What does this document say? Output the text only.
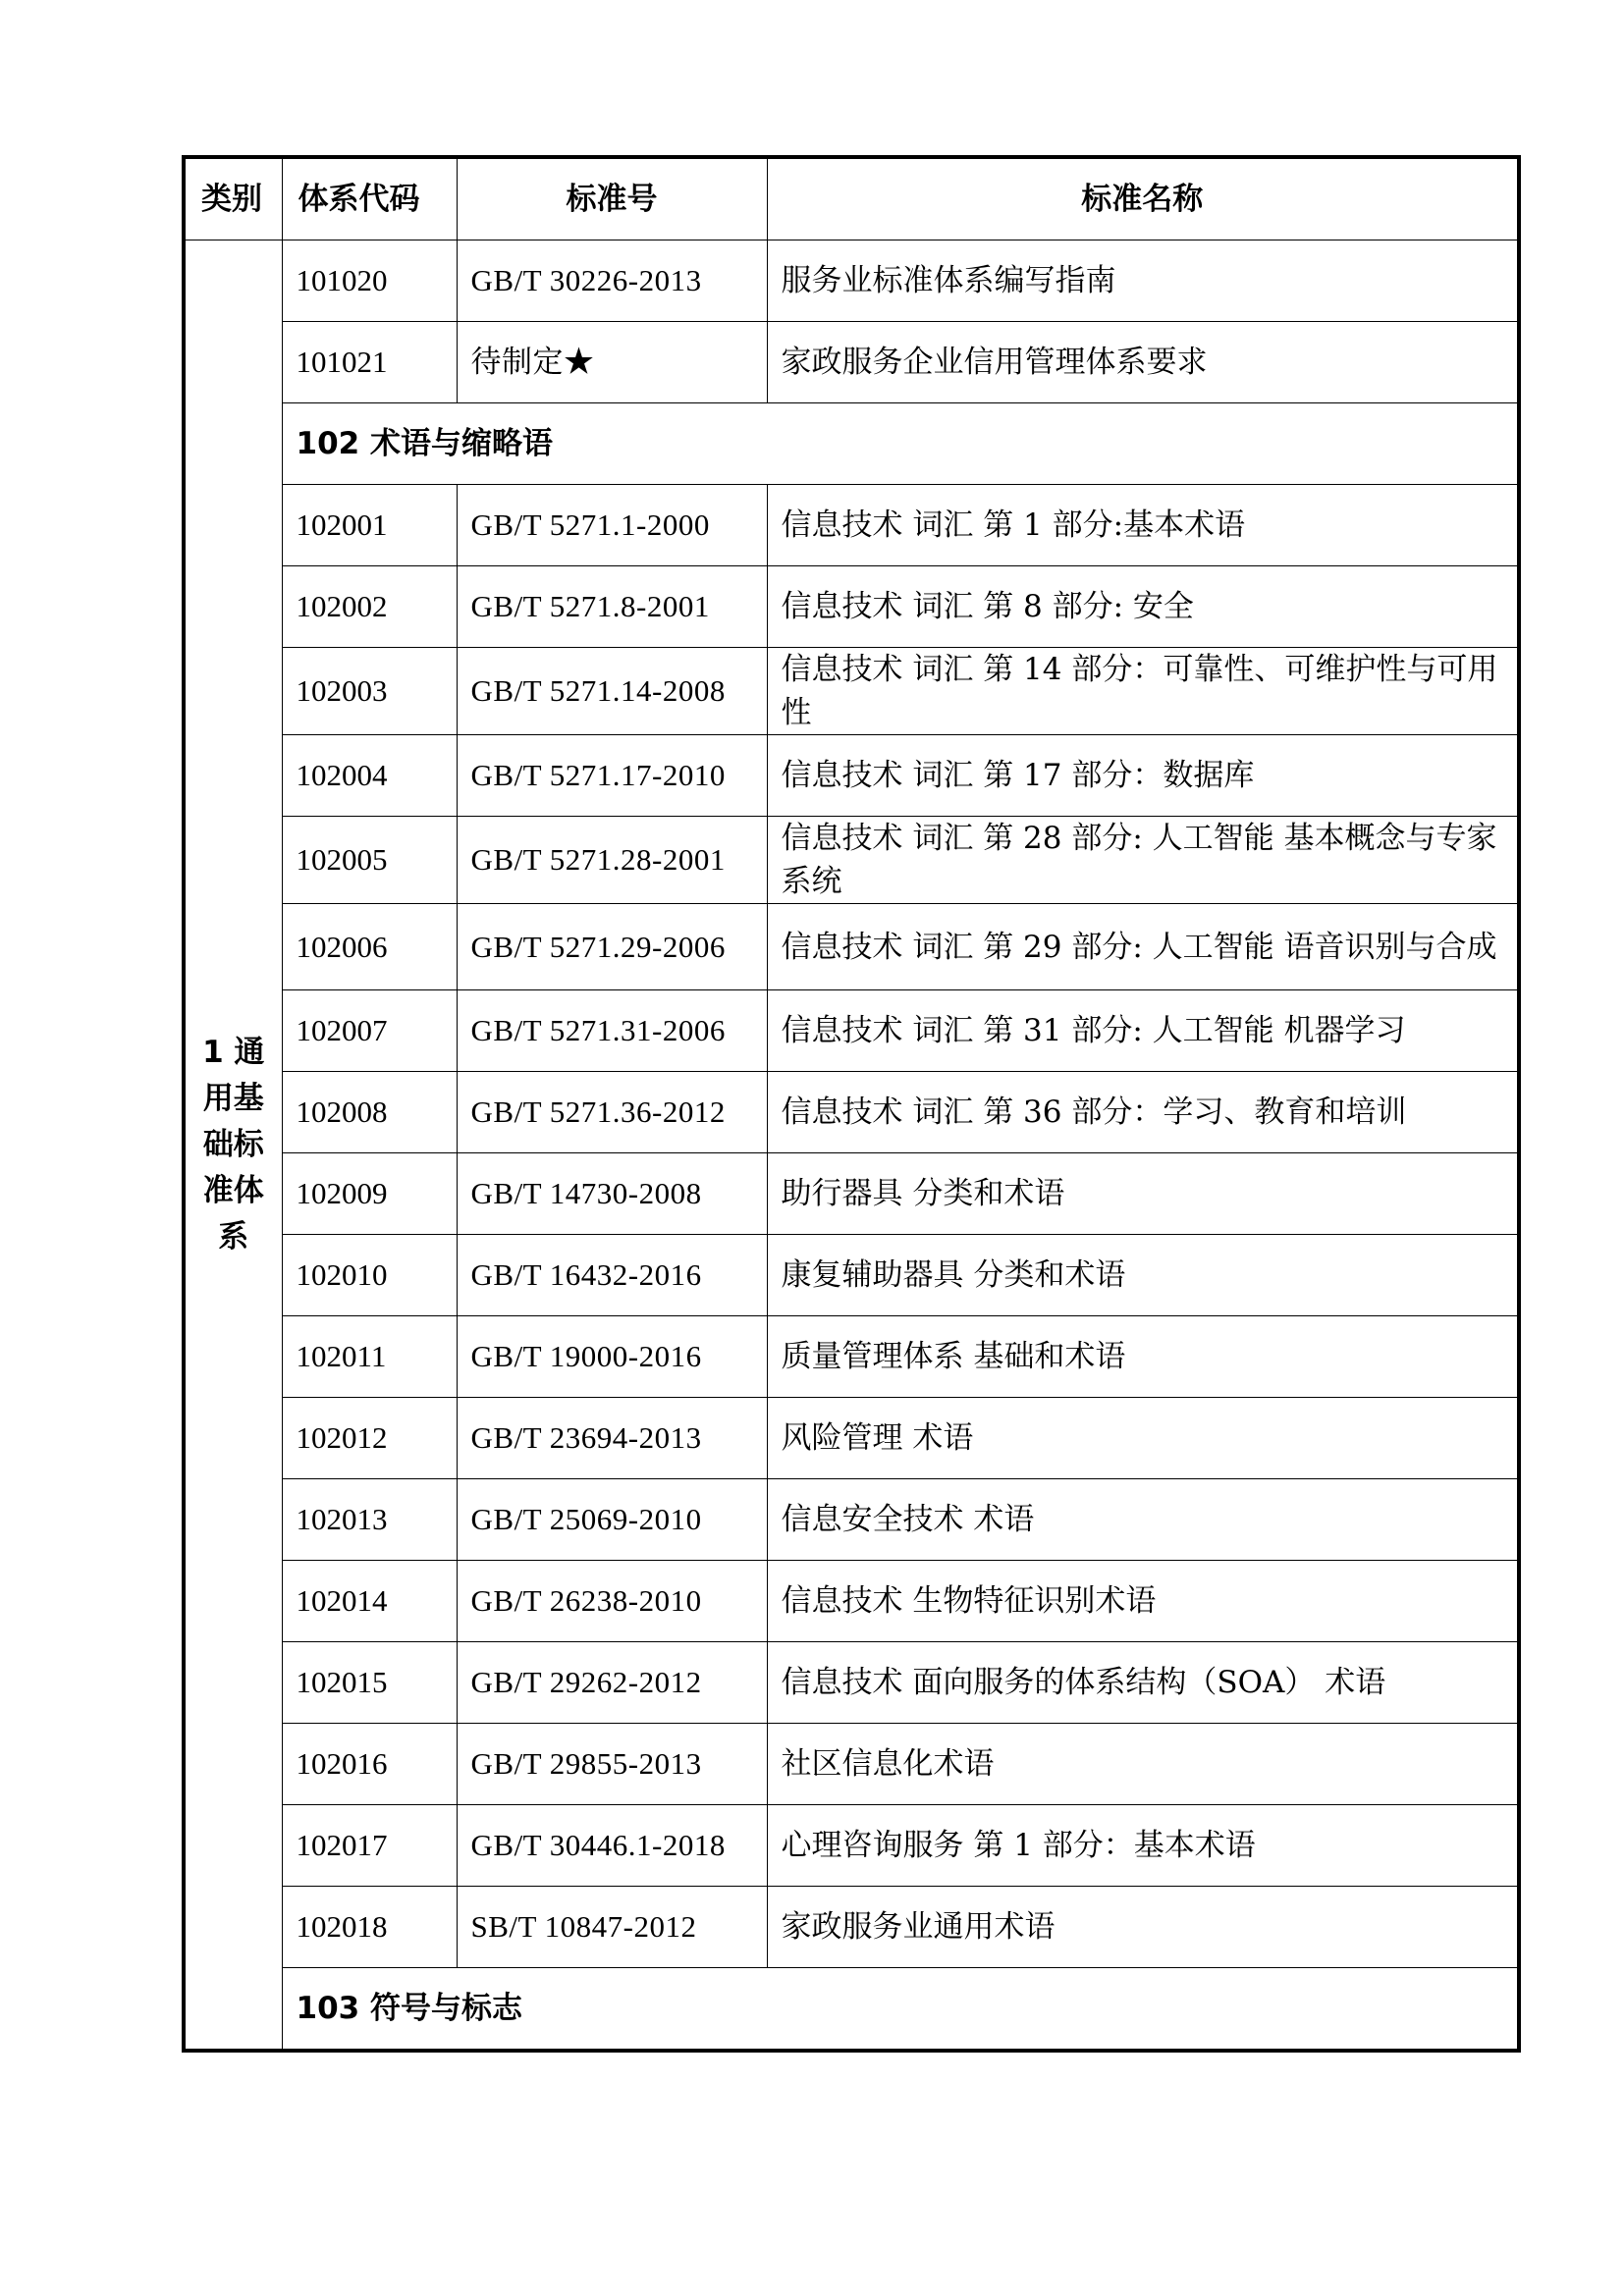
类别	体系代码	标准号	标准名称
1 通用基础标准体系	101020	GB/T 30226-2013	服务业标准体系编写指南
	101021	待制定★	家政服务企业信用管理体系要求
	102 术语与缩略语		
	102001	GB/T 5271.1-2000	信息技术 词汇 第 1 部分:基本术语
	102002	GB/T 5271.8-2001	信息技术 词汇 第 8 部分: 安全
	102003	GB/T 5271.14-2008	信息技术 词汇 第 14 部分：可靠性、可维护性与可用性
	102004	GB/T 5271.17-2010	信息技术 词汇 第 17 部分：数据库
	102005	GB/T 5271.28-2001	信息技术 词汇 第 28 部分: 人工智能 基本概念与专家系统
	102006	GB/T 5271.29-2006	信息技术 词汇 第 29 部分: 人工智能 语音识别与合成
	102007	GB/T 5271.31-2006	信息技术 词汇 第 31 部分: 人工智能 机器学习
	102008	GB/T 5271.36-2012	信息技术 词汇 第 36 部分：学习、教育和培训
	102009	GB/T 14730-2008	助行器具 分类和术语
	102010	GB/T 16432-2016	康复辅助器具 分类和术语
	102011	GB/T 19000-2016	质量管理体系 基础和术语
	102012	GB/T 23694-2013	风险管理 术语
	102013	GB/T 25069-2010	信息安全技术 术语
	102014	GB/T 26238-2010	信息技术 生物特征识别术语
	102015	GB/T 29262-2012	信息技术 面向服务的体系结构（SOA） 术语
	102016	GB/T 29855-2013	社区信息化术语
	102017	GB/T 30446.1-2018	心理咨询服务 第 1 部分：基本术语
	102018	SB/T 10847-2012	家政服务业通用术语
	103 符号与标志		
